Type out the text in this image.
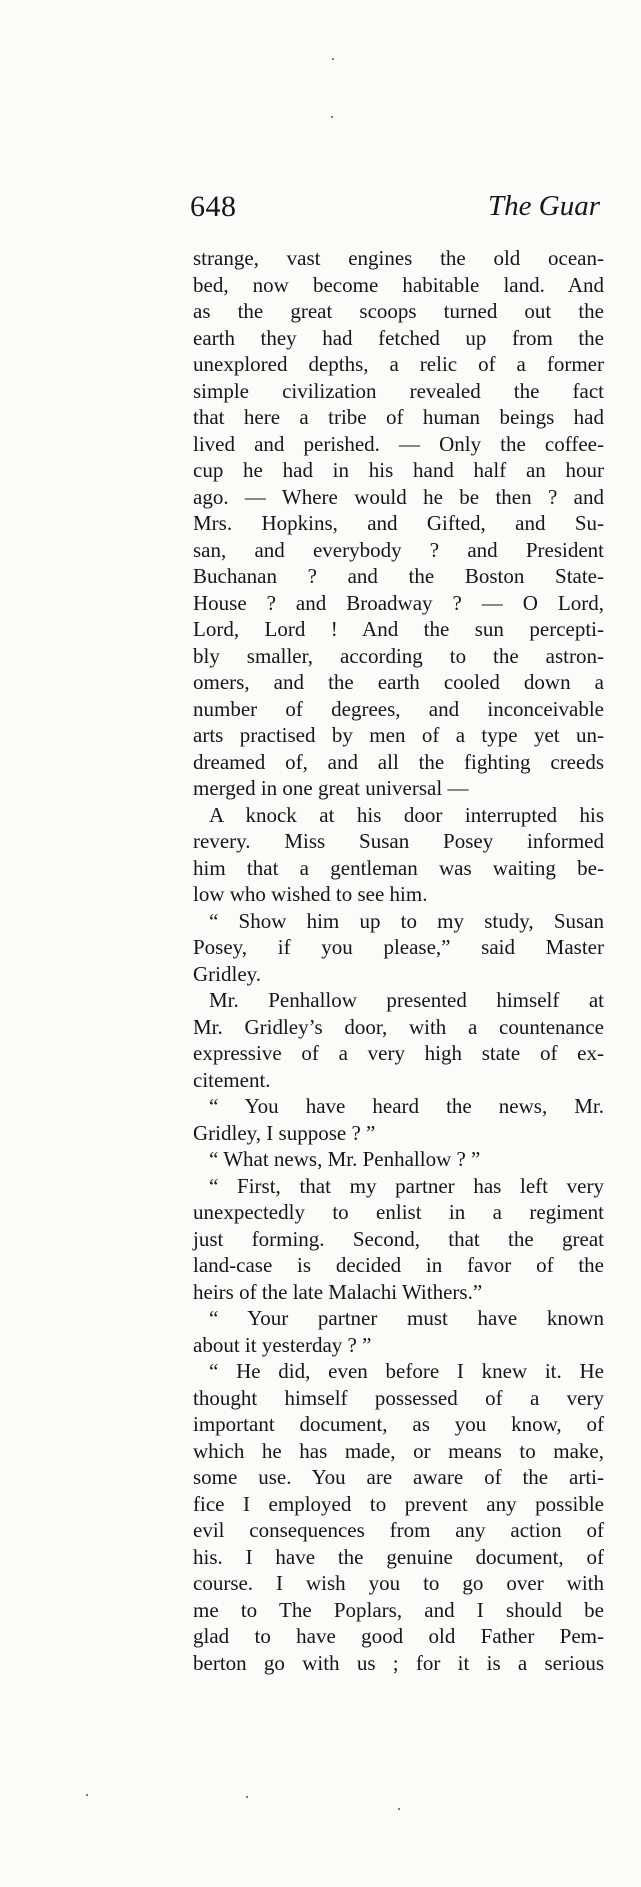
648	The Guar
strange, vast engines the old ocean-
bed, now become habitable land. And
as the great scoops turned out the
earth they had fetched up from the
unexplored depths, a relic of a former
simple civilization revealed the fact
that here a tribe of human beings had
lived and perished. — Only the coffee-
cup he had in his hand half an hour
ago. — Where would he be then ? and
Mrs. Hopkins, and Gifted, and Su-
san, and everybody ? and President
Buchanan ? and the Boston State-
House ? and Broadway ? — O Lord,
Lord, Lord ! And the sun percepti-
bly smaller, according to the astron-
omers, and the earth cooled down a
number of degrees, and inconceivable
arts practised by men of a type yet un-
dreamed of, and all the fighting creeds
merged in one great universal —
A knock at his door interrupted his
revery. Miss Susan Posey informed
him that a gentleman was waiting be-
low who wished to see him.
“ Show him up to my study, Susan
Posey, if you please,” said Master
Gridley.
Mr. Penhallow presented himself at
Mr. Gridley’s door, with a countenance
expressive of a very high state of ex-
citement.
“ You have heard the news, Mr.
Gridley, I suppose ? ”
“ What news, Mr. Penhallow ? ”
“ First, that my partner has left very
unexpectedly to enlist in a regiment
just forming. Second, that the great
land-case is decided in favor of the
heirs of the late Malachi Withers.”
“ Your partner must have known
about it yesterday ? ”
“ He did, even before I knew it. He
thought himself possessed of a very
important document, as you know, of
which he has made, or means to make,
some use. You are aware of the arti-
fice I employed to prevent any possible
evil consequences from any action of
his. I have the genuine document, of
course. I wish you to go over with
me to The Poplars, and I should be
glad to have good old Father Pem-
berton go with us ; for it is a serious
